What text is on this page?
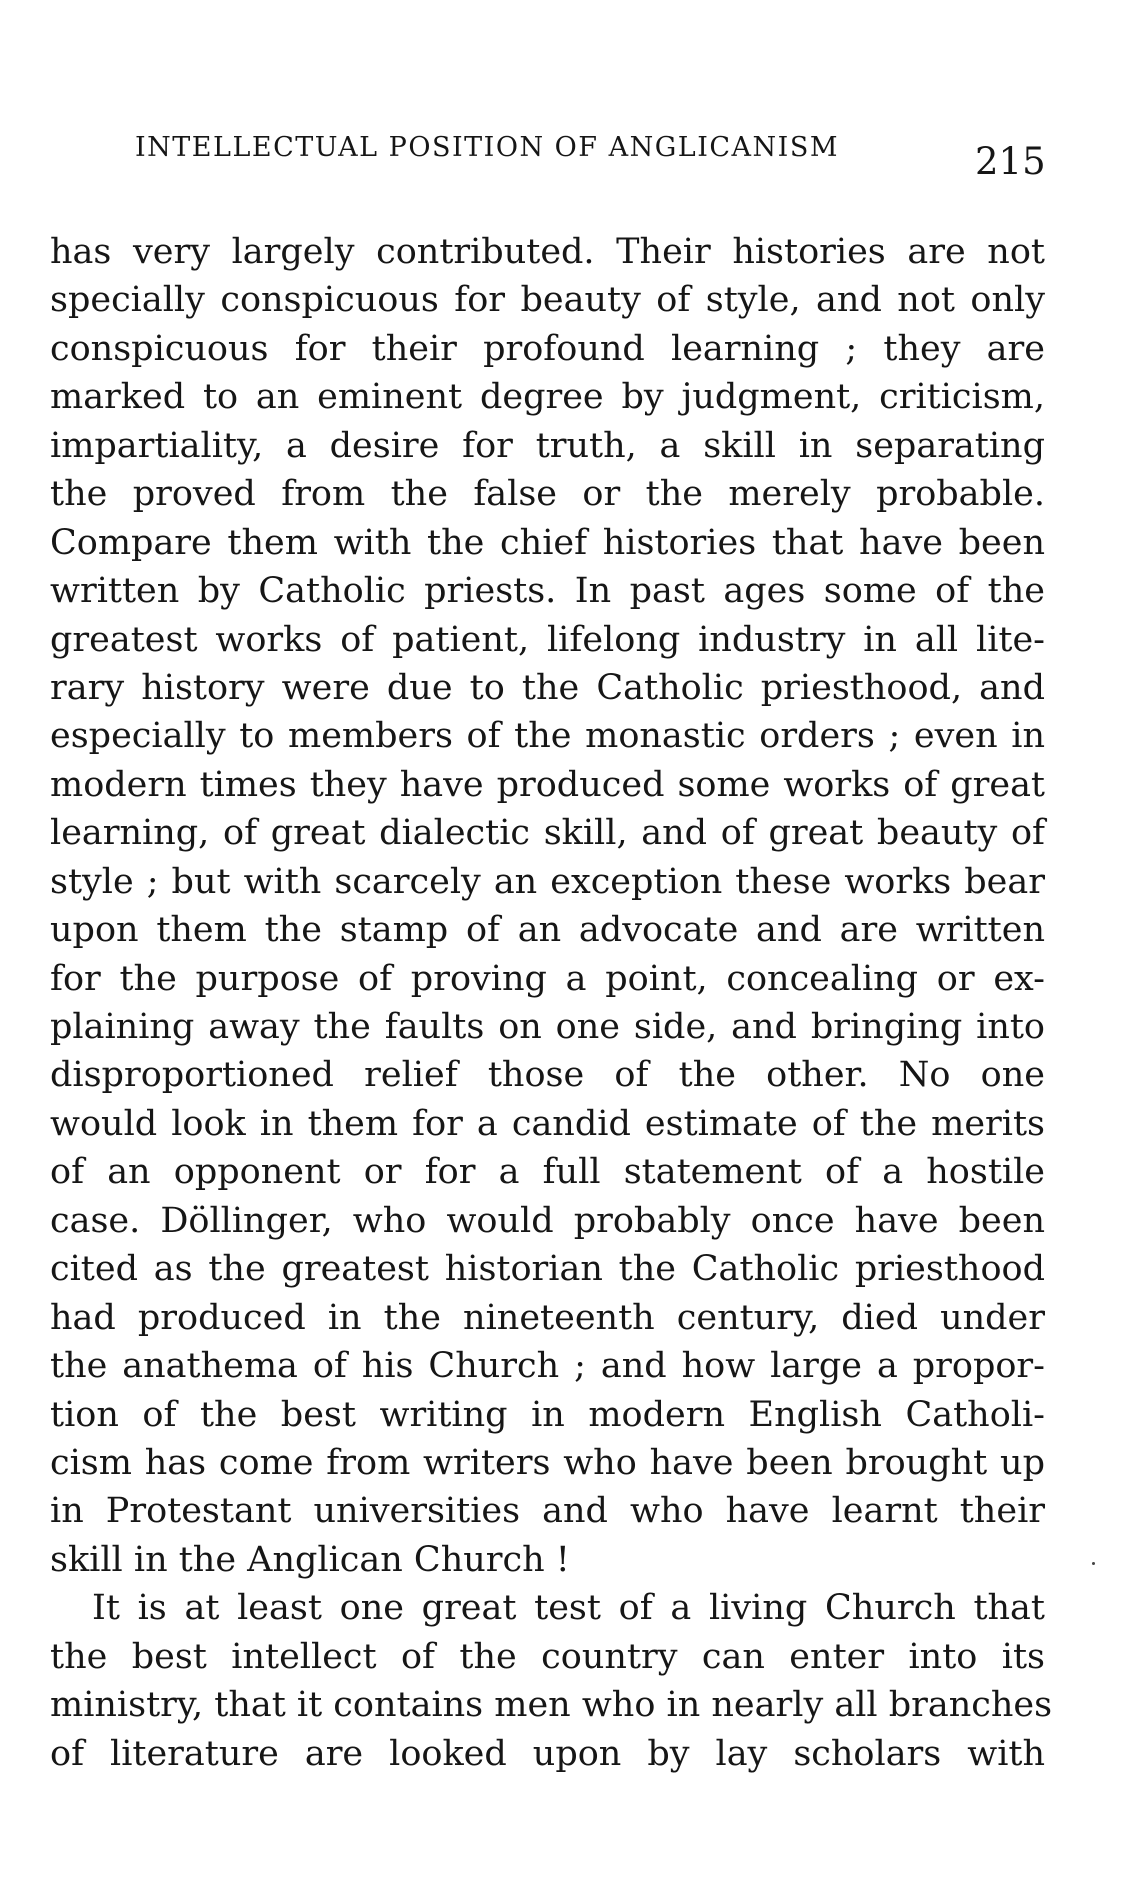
INTELLECTUAL POSITION OF ANGLICANISM	215
has very largely contributed. Their histories are not
specially conspicuous for beauty of style, and not only
conspicuous for their profound learning ; they are
marked to an eminent degree by judgment, criticism,
impartiality, a desire for truth, a skill in separating
the proved from the false or the merely probable.
Compare them with the chief histories that have been
written by Catholic priests. In past ages some of the
greatest works of patient, lifelong industry in all lite-
rary history were due to the Catholic priesthood, and
especially to members of the monastic orders ; even in
modern times they have produced some works of great
learning, of great dialectic skill, and of great beauty of
style ; but with scarcely an exception these works bear
upon them the stamp of an advocate and are written
for the purpose of proving a point, concealing or ex-
plaining away the faults on one side, and bringing into
disproportioned relief those of the other. No one
would look in them for a candid estimate of the merits
of an opponent or for a full statement of a hostile
case. Döllinger, who would probably once have been
cited as the greatest historian the Catholic priesthood
had produced in the nineteenth century, died under
the anathema of his Church ; and how large a propor-
tion of the best writing in modern English Catholi-
cism has come from writers who have been brought up
in Protestant universities and who have learnt their
skill in the Anglican Church !
It is at least one great test of a living Church that
the best intellect of the country can enter into its
ministry, that it contains men who in nearly all branches
of literature are looked upon by lay scholars with
